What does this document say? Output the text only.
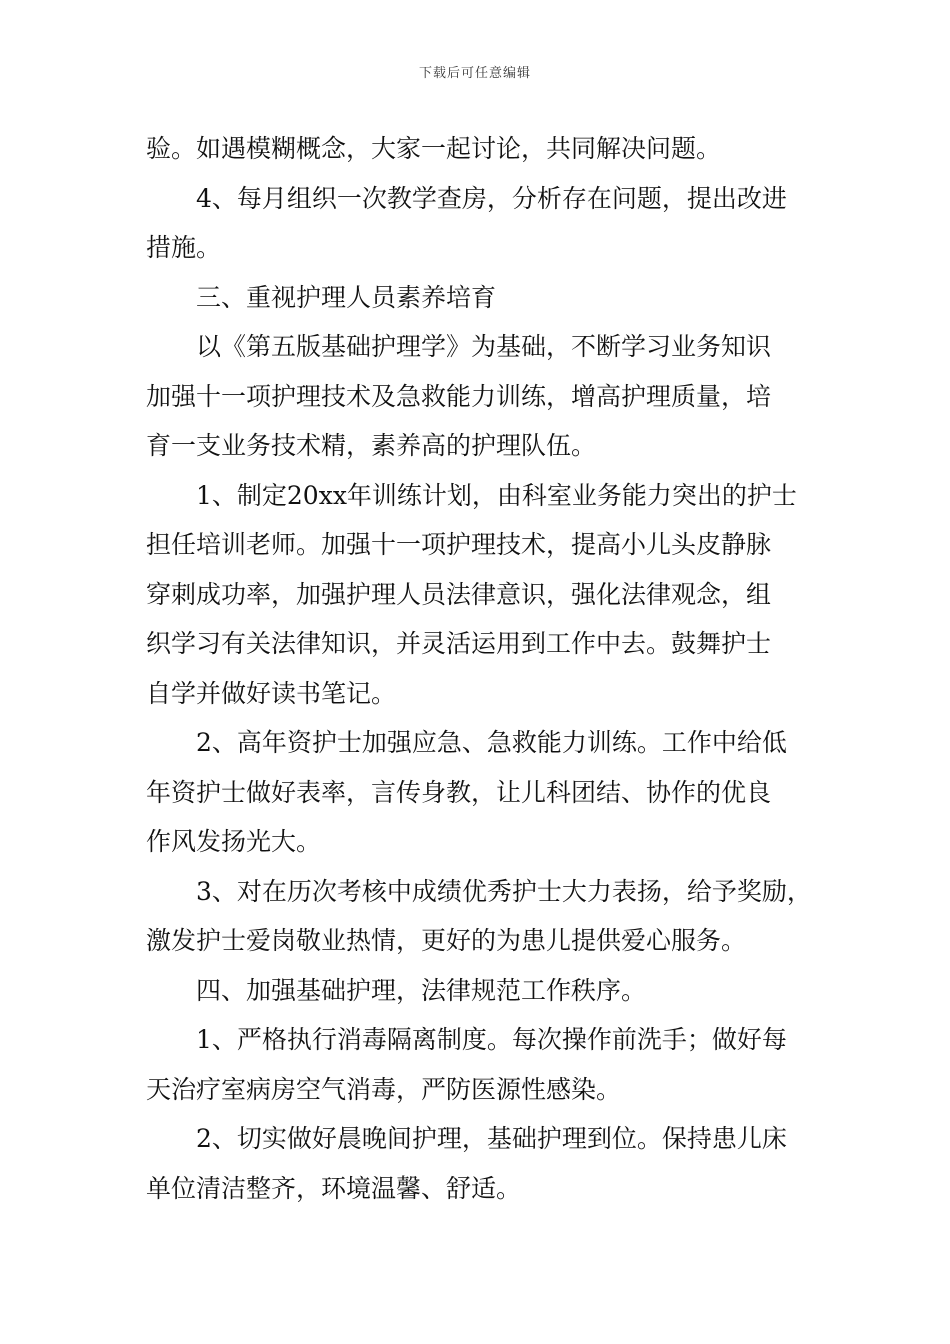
下载后可任意编辑
验。如遇模糊概念，大家一起讨论，共同解决问题。
4、每月组织一次教学查房，分析存在问题，提出改进
措施。
三、重视护理人员素养培育
以《第五版基础护理学》为基础，不断学习业务知识
加强十一项护理技术及急救能力训练，增高护理质量，培
育一支业务技术精，素养高的护理队伍。
1、制定20xx年训练计划，由科室业务能力突出的护士
担任培训老师。加强十一项护理技术，提高小儿头皮静脉
穿刺成功率，加强护理人员法律意识，强化法律观念，组
织学习有关法律知识，并灵活运用到工作中去。鼓舞护士
自学并做好读书笔记。
2、高年资护士加强应急、急救能力训练。工作中给低
年资护士做好表率，言传身教，让儿科团结、协作的优良
作风发扬光大。
3、对在历次考核中成绩优秀护士大力表扬，给予奖励，
激发护士爱岗敬业热情，更好的为患儿提供爱心服务。
四、加强基础护理，法律规范工作秩序。
1、严格执行消毒隔离制度。每次操作前洗手；做好每
天治疗室病房空气消毒，严防医源性感染。
2、切实做好晨晚间护理，基础护理到位。保持患儿床
单位清洁整齐，环境温馨、舒适。
